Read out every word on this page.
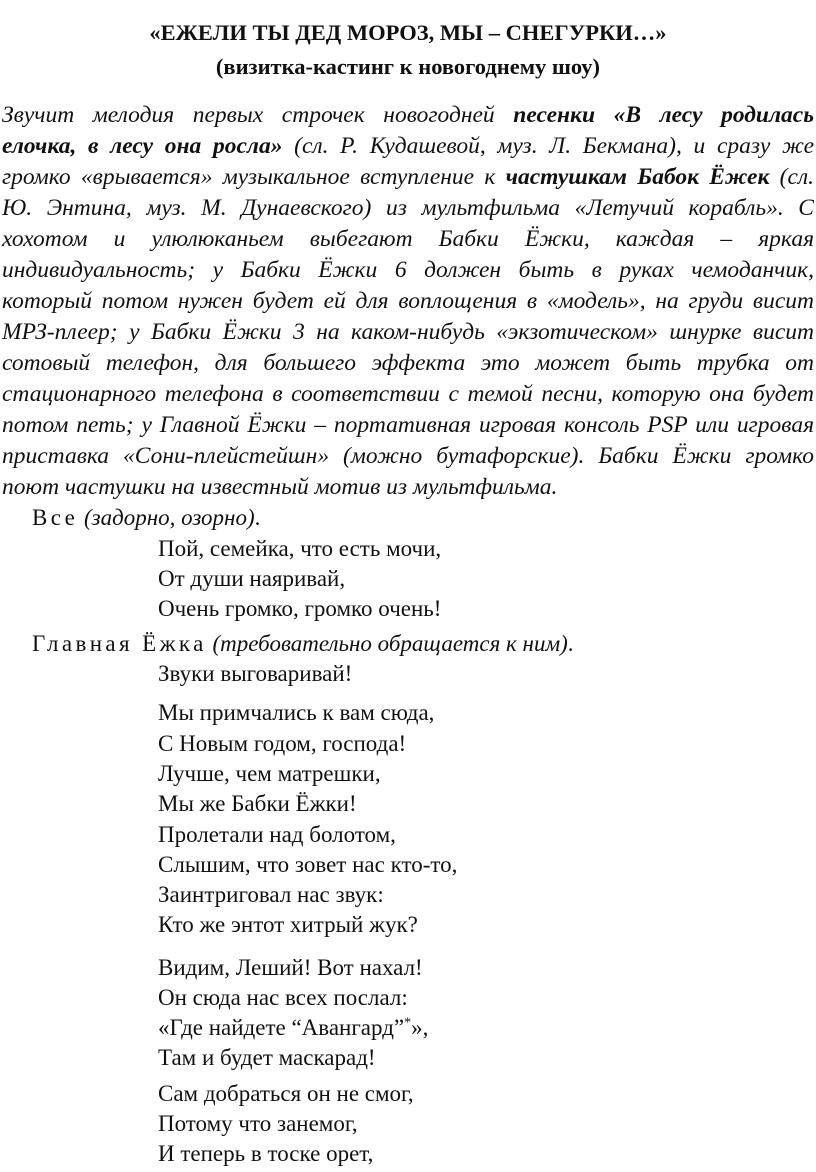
«ЕЖЕЛИ ТЫ ДЕД МОРОЗ, МЫ – СНЕГУРКИ…»
(визитка-кастинг к новогоднему шоу)
Звучит мелодия первых строчек новогодней песенки «В лесу родилась
елочка, в лесу она росла» (сл. Р. Кудашевой, муз. Л. Бекмана), и сразу же
громко «врывается» музыкальное вступление к частушкам Бабок Ёжек (сл.
Ю. Энтина, муз. М. Дунаевского) из мультфильма «Летучий корабль». С
хохотом и улюлюканьем выбегают Бабки Ёжки, каждая – яркая
индивидуальность; у Бабки Ёжки 6 должен быть в руках чемоданчик,
который потом нужен будет ей для воплощения в «модель», на груди висит
МРЗ-плеер; у Бабки Ёжки 3 на каком-нибудь «экзотическом» шнурке висит
сотовый телефон, для большего эффекта это может быть трубка от
стационарного телефона в соответствии с темой песни, которую она будет
потом петь; у Главной Ёжки – портативная игровая консоль PSP или игровая
приставка «Сони-плейстейшн» (можно бутафорские). Бабки Ёжки громко
поют частушки на известный мотив из мультфильма.
Все (задорно, озорно).
Пой, семейка, что есть мочи,
От души наяривай,
Очень громко, громко очень!
Главная Ёжка (требовательно обращается к ним).
Звуки выговаривай!
Мы примчались к вам сюда,
С Новым годом, господа!
Лучше, чем матрешки,
Мы же Бабки Ёжки!
Пролетали над болотом,
Слышим, что зовет нас кто-то,
Заинтриговал нас звук:
Кто же энтот хитрый жук?
Видим, Леший! Вот нахал!
Он сюда нас всех послал:
«Где найдете “Авангард”*»,
Там и будет маскарад!
Сам добраться он не смог,
Потому что занемог,
И теперь в тоске орет,
